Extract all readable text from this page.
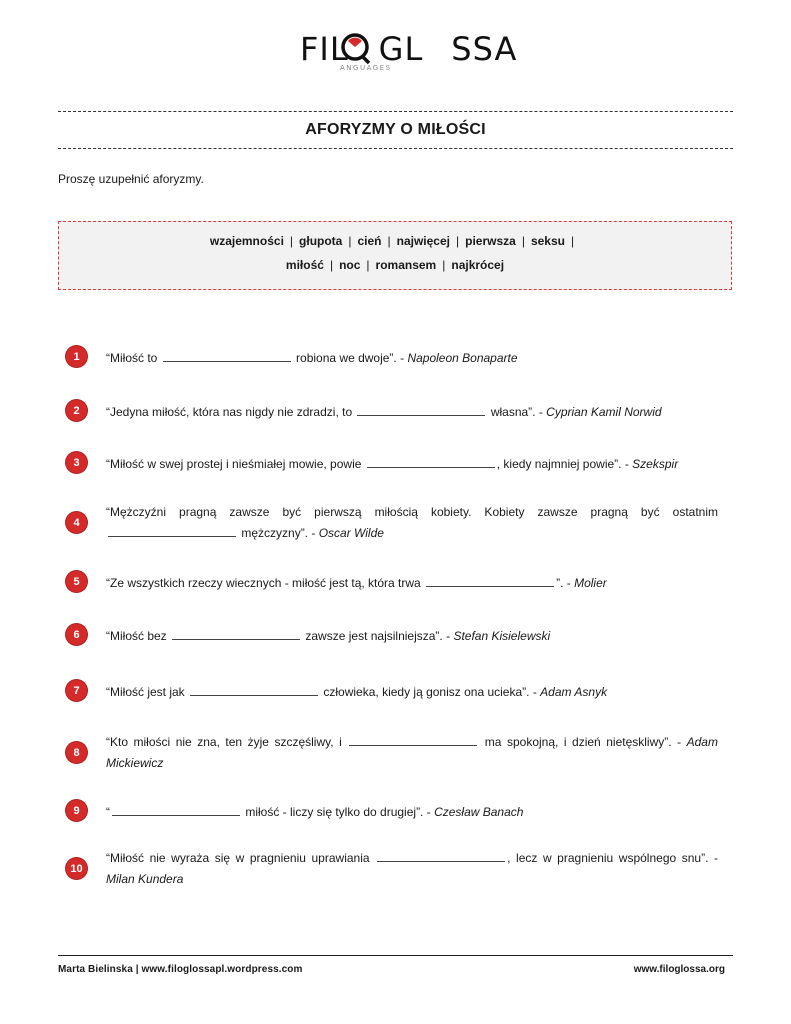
FIL GL SSA
ANGUAGES
AFORYZMY O MIŁOŚCI
Proszę uzupełnić aforyzmy.
wzajemności | głupota | cień | najwięcej | pierwsza | seksu |
miłość | noc | romansem | najkrócej
1	“Miłość to	robiona we dwoje”. - Napoleon Bonaparte
2	“Jedyna miłość, która nas nigdy nie zdradzi, to	własna”. - Cyprian Kamil Norwid
3	“Miłość w swej prostej i nieśmiałej mowie, powie	, kiedy najmniej powie”. - Szekspir
4
“Mężczyźni pragną zawsze być pierwszą miłością kobiety. Kobiety zawsze pragną być ostatnim  mężczyzny”. - Oscar Wilde
5	“Ze wszystkich rzeczy wiecznych - miłość jest tą, która trwa	”. - Molier
6	“Miłość bez	zawsze jest najsilniejsza”. - Stefan Kisielewski
7	“Miłość jest jak	człowieka, kiedy ją gonisz ona ucieka”. - Adam Asnyk
8
“Kto miłości nie zna, ten żyje szczęśliwy, i	ma spokojną, i dzień nietęskliwy”. - Adam Mickiewicz
9	“	miłość - liczy się tylko do drugiej”. - Czesław Banach
10
“Miłość nie wyraża się w pragnieniu uprawiania	, lecz w pragnieniu wspólnego snu”. - Milan Kundera
Marta Bielinska | www.filoglossapl.wordpress.com	www.filoglossa.org
